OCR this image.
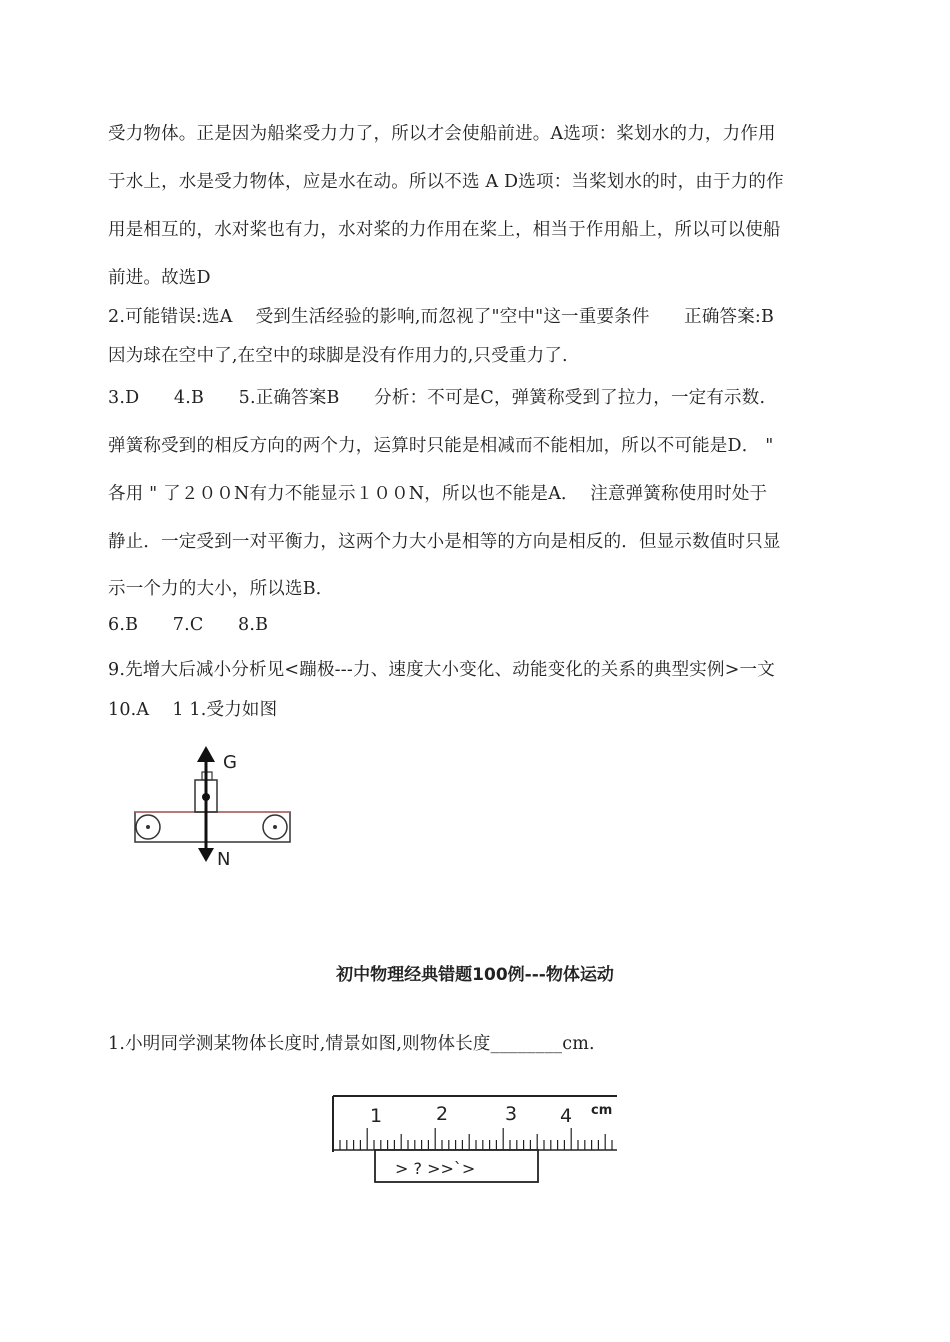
受力物体。正是因为船桨受力力了，所以才会使船前进。A选项：桨划水的力，力作用
于水上，水是受力物体，应是水在动。所以不选 A D选项：当桨划水的时，由于力的作
用是相互的，水对桨也有力，水对桨的力作用在桨上，相当于作用船上，所以可以使船
前进。故选D
2.可能错误:选A    受到生活经验的影响,而忽视了"空中"这一重要条件      正确答案:B
因为球在空中了,在空中的球脚是没有作用力的,只受重力了.
3.D      4.B      5.正确答案B      分析：不可是C，弹簧称受到了拉力，一定有示数.
弹簧称受到的相反方向的两个力，运算时只能是相减而不能相加，所以不可能是D． "
各用 " 了２００N有力不能显示１００N，所以也不能是A．  注意弹簧称使用时处于
静止．一定受到一对平衡力，这两个力大小是相等的方向是相反的．但显示数值时只显
示一个力的大小，所以选B．
6.B      7.C      8.B
9.先增大后减小分析见<蹦极---力、速度大小变化、动能变化的关系的典型实例>一文
10.A    1 1.受力如图
G
N
初中物理经典错题100例---物体运动
1.小明同学测某物体长度时,情景如图,则物体长度________cm.
1	2	3 4 cm
> ? >>`>
